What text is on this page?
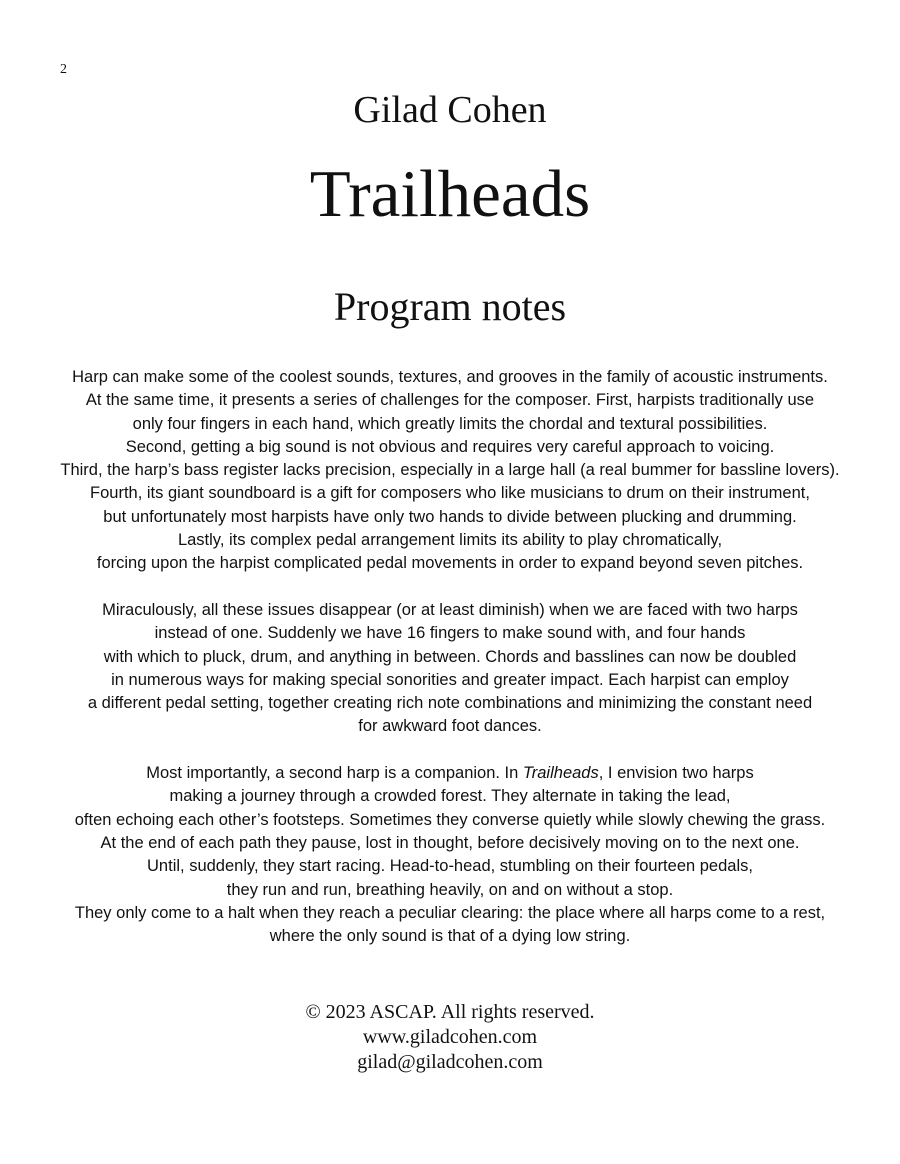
2
Gilad Cohen
Trailheads
Program notes

Harp can make some of the coolest sounds, textures, and grooves in the family of acoustic instruments.
At the same time, it presents a series of challenges for the composer. First, harpists traditionally use
only four fingers in each hand, which greatly limits the chordal and textural possibilities.
Second, getting a big sound is not obvious and requires very careful approach to voicing.
Third, the harp’s bass register lacks precision, especially in a large hall (a real bummer for bassline lovers).
Fourth, its giant soundboard is a gift for composers who like musicians to drum on their instrument,
but unfortunately most harpists have only two hands to divide between plucking and drumming.
Lastly, its complex pedal arrangement limits its ability to play chromatically,
forcing upon the harpist complicated pedal movements in order to expand beyond seven pitches.

Miraculously, all these issues disappear (or at least diminish) when we are faced with two harps
instead of one. Suddenly we have 16 fingers to make sound with, and four hands
with which to pluck, drum, and anything in between. Chords and basslines can now be doubled
in numerous ways for making special sonorities and greater impact. Each harpist can employ
a different pedal setting, together creating rich note combinations and minimizing the constant need
for awkward foot dances.

Most importantly, a second harp is a companion. In Trailheads, I envision two harps
making a journey through a crowded forest. They alternate in taking the lead,
often echoing each other’s footsteps. Sometimes they converse quietly while slowly chewing the grass.
At the end of each path they pause, lost in thought, before decisively moving on to the next one.
Until, suddenly, they start racing. Head-to-head, stumbling on their fourteen pedals,
they run and run, breathing heavily, on and on without a stop.
They only come to a halt when they reach a peculiar clearing: the place where all harps come to a rest,
where the only sound is that of a dying low string.

© 2023 ASCAP. All rights reserved.
www.giladcohen.com
gilad@giladcohen.com
